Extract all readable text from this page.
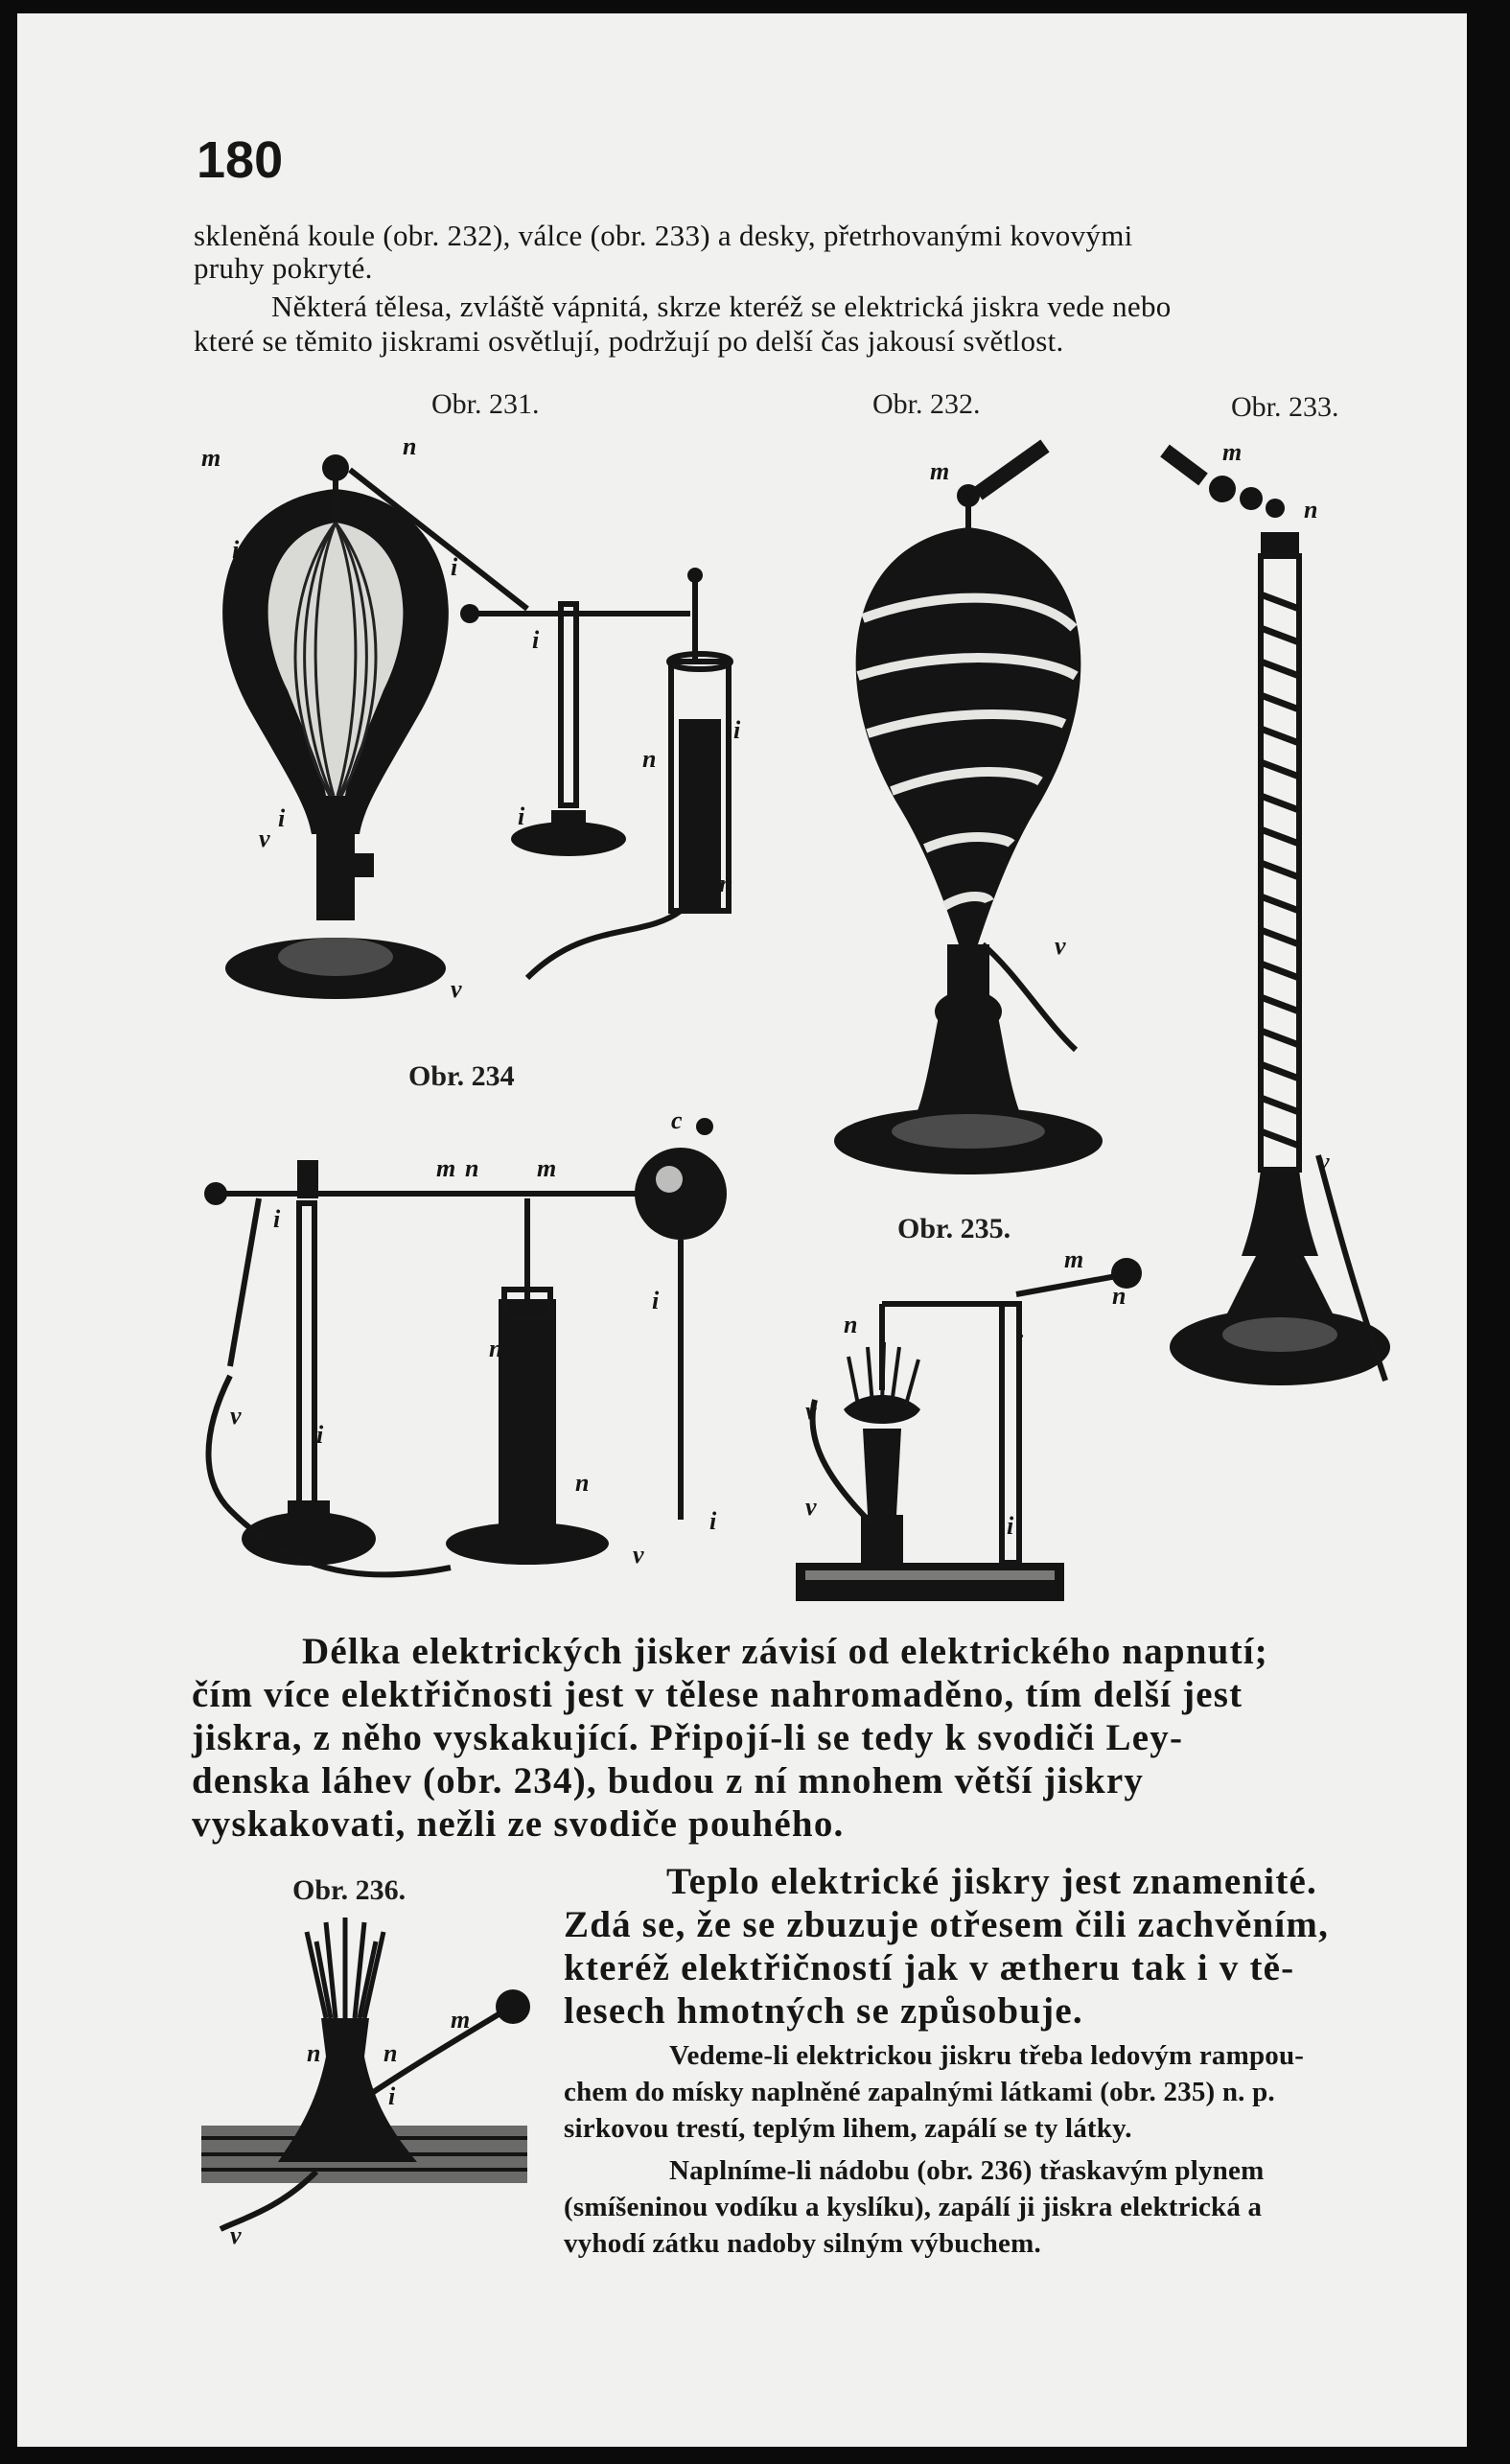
180
skleněná koule (obr. 232), válce (obr. 233) a desky, přetrhovanými kovovými
pruhy pokryté.
Některá tělesa, zvláště vápnitá, skrze kteréž se elektrická jiskra vede nebo
které se těmito jiskrami osvětlují, podržují po delší čas jakousí světlost.
Obr. 231.	Obr. 232.	Obr. 233.
Obr. 234
Obr. 235.
Obr. 236.
i
i
i
v
m	n
i
i
v
i
n
n
m
v
m
n
v
m	m
n
c
i
i
v
i
n
n
i
v
m
n
n
i
v
v
i
n	n
i
m
v
Délka elektrických jisker závisí od elektrického napnutí;
čím více elektřičnosti jest v tělese nahromaděno, tím delší jest
jiskra, z něho vyskakující. Připojí-li se tedy k svodiči Ley-
denska láhev (obr. 234), budou z ní mnohem větší jiskry
vyskakovati, nežli ze svodiče pouhého.
Teplo elektrické jiskry jest znamenité.
Zdá se, že se zbuzuje otřesem čili zachvěním,
kteréž elektřičností jak v ætheru tak i v tě-
lesech hmotných se způsobuje.
Vedeme-li elektrickou jiskru třeba ledovým rampou-
chem do mísky naplněné zapalnými látkami (obr. 235) n. p.
sirkovou trestí, teplým lihem, zapálí se ty látky.
Naplníme-li nádobu (obr. 236) třaskavým plynem
(smíšeninou vodíku a kyslíku), zapálí ji jiskra elektrická a
vyhodí zátku nadoby silným výbuchem.
